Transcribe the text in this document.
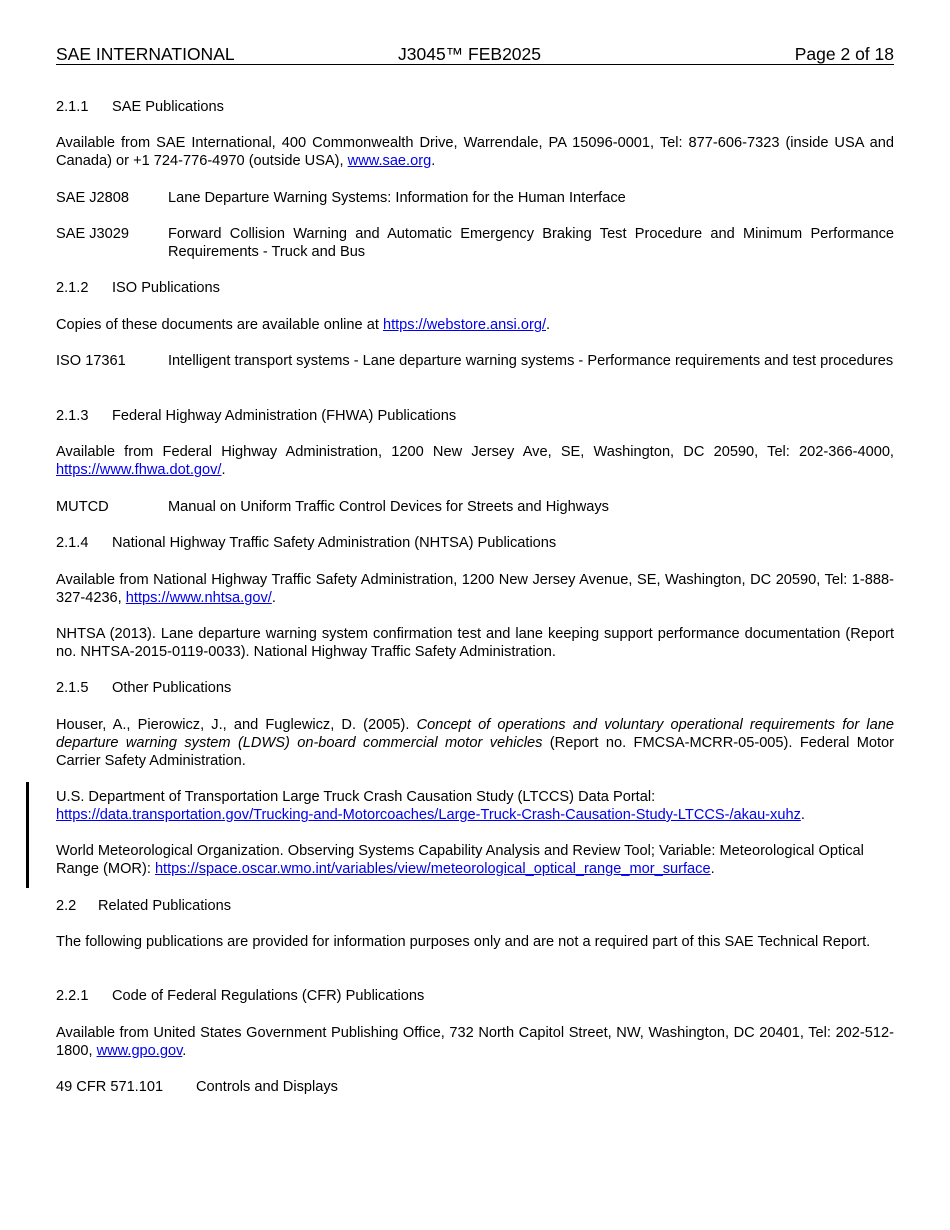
SAE INTERNATIONAL	J3045™ FEB2025	Page 2 of 18
2.1.1 SAE Publications
Available from SAE International, 400 Commonwealth Drive, Warrendale, PA 15096-0001, Tel: 877-606-7323 (inside USA and Canada) or +1 724-776-4970 (outside USA), www.sae.org.
SAE J2808	Lane Departure Warning Systems: Information for the Human Interface
SAE J3029	Forward Collision Warning and Automatic Emergency Braking Test Procedure and Minimum Performance Requirements - Truck and Bus
2.1.2 ISO Publications
Copies of these documents are available online at https://webstore.ansi.org/.
ISO 17361	Intelligent transport systems - Lane departure warning systems - Performance requirements and test procedures
2.1.3 Federal Highway Administration (FHWA) Publications
Available from Federal Highway Administration, 1200 New Jersey Ave, SE, Washington, DC 20590, Tel: 202-366-4000, https://www.fhwa.dot.gov/.
MUTCD	Manual on Uniform Traffic Control Devices for Streets and Highways
2.1.4 National Highway Traffic Safety Administration (NHTSA) Publications
Available from National Highway Traffic Safety Administration, 1200 New Jersey Avenue, SE, Washington, DC 20590, Tel: 1-888-327-4236, https://www.nhtsa.gov/.
NHTSA (2013). Lane departure warning system confirmation test and lane keeping support performance documentation (Report no. NHTSA-2015-0119-0033). National Highway Traffic Safety Administration.
2.1.5 Other Publications
Houser, A., Pierowicz, J., and Fuglewicz, D. (2005). Concept of operations and voluntary operational requirements for lane departure warning system (LDWS) on-board commercial motor vehicles (Report no. FMCSA-MCRR-05-005). Federal Motor Carrier Safety Administration.
U.S. Department of Transportation Large Truck Crash Causation Study (LTCCS) Data Portal:
https://data.transportation.gov/Trucking-and-Motorcoaches/Large-Truck-Crash-Causation-Study-LTCCS-/akau-xuhz.
World Meteorological Organization. Observing Systems Capability Analysis and Review Tool; Variable: Meteorological Optical Range (MOR): https://space.oscar.wmo.int/variables/view/meteorological_optical_range_mor_surface.
2.2 Related Publications
The following publications are provided for information purposes only and are not a required part of this SAE Technical Report.
2.2.1 Code of Federal Regulations (CFR) Publications
Available from United States Government Publishing Office, 732 North Capitol Street, NW, Washington, DC 20401, Tel: 202-512-1800, www.gpo.gov.
49 CFR 571.101	Controls and Displays
